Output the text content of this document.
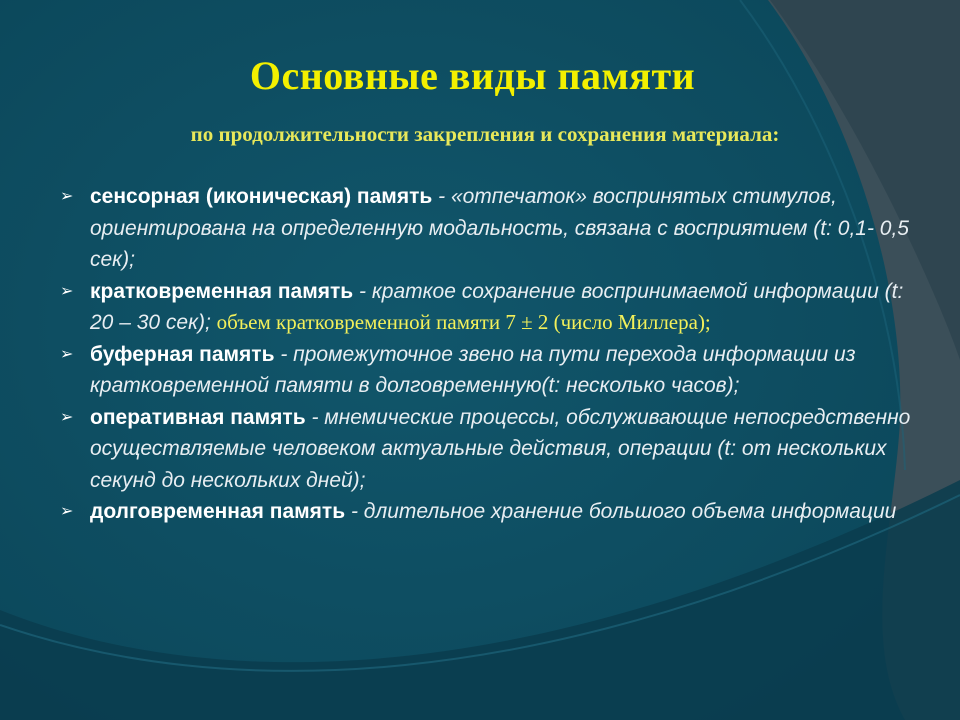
Основные виды памяти
по продолжительности закрепления и сохранения материала:
➢ сенсорная (иконическая) память - «отпечаток» воспринятых стимулов, ориентирована на определенную модальность, связана с восприятием (t: 0,1- 0,5 сек);
➢ кратковременная память - краткое сохранение воспринимаемой информации (t: 20 – 30 сек); объем кратковременной памяти 7 ± 2 (число Миллера);
➢ буферная память - промежуточное звено на пути перехода информации из кратковременной памяти в долговременную(t: несколько часов);
➢ оперативная память - мнемические процессы, обслуживающие непосредственно осуществляемые человеком актуальные действия, операции (t: от нескольких секунд до нескольких дней);
➢ долговременная память - длительное хранение большого объема информации
